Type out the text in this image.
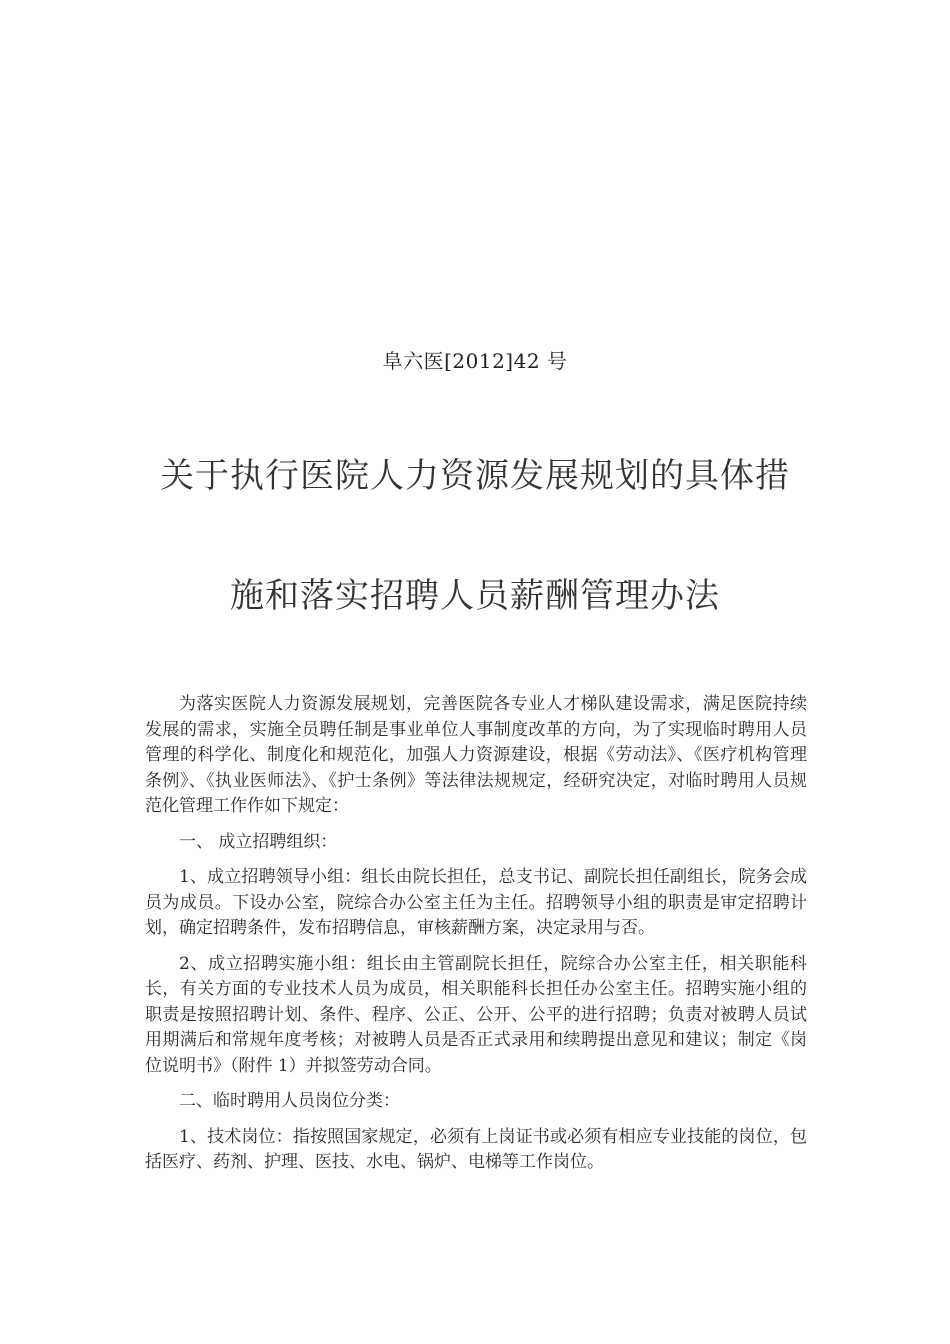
阜六医[2012]42 号
关于执行医院人力资源发展规划的具体措
施和落实招聘人员薪酬管理办法

为落实医院人力资源发展规划，完善医院各专业人才梯队建设需求，满足医院持续发展的需求，实施全员聘任制是事业单位人事制度改革的方向，为了实现临时聘用人员管理的科学化、制度化和规范化，加强人力资源建设，根据《劳动法》、《医疗机构管理条例》、《执业医师法》、《护士条例》等法律法规规定，经研究决定，对临时聘用人员规范化管理工作作如下规定：

一、 成立招聘组织：

1、成立招聘领导小组：组长由院长担任，总支书记、副院长担任副组长，院务会成员为成员。下设办公室，院综合办公室主任为主任。招聘领导小组的职责是审定招聘计划，确定招聘条件，发布招聘信息，审核薪酬方案，决定录用与否。

2、成立招聘实施小组：组长由主管副院长担任，院综合办公室主任，相关职能科长，有关方面的专业技术人员为成员，相关职能科长担任办公室主任。招聘实施小组的职责是按照招聘计划、条件、程序、公正、公开、公平的进行招聘；负责对被聘人员试用期满后和常规年度考核；对被聘人员是否正式录用和续聘提出意见和建议；制定《岗位说明书》（附件 1）并拟签劳动合同。

二、临时聘用人员岗位分类：

1、技术岗位：指按照国家规定，必须有上岗证书或必须有相应专业技能的岗位，包括医疗、药剂、护理、医技、水电、锅炉、电梯等工作岗位。
